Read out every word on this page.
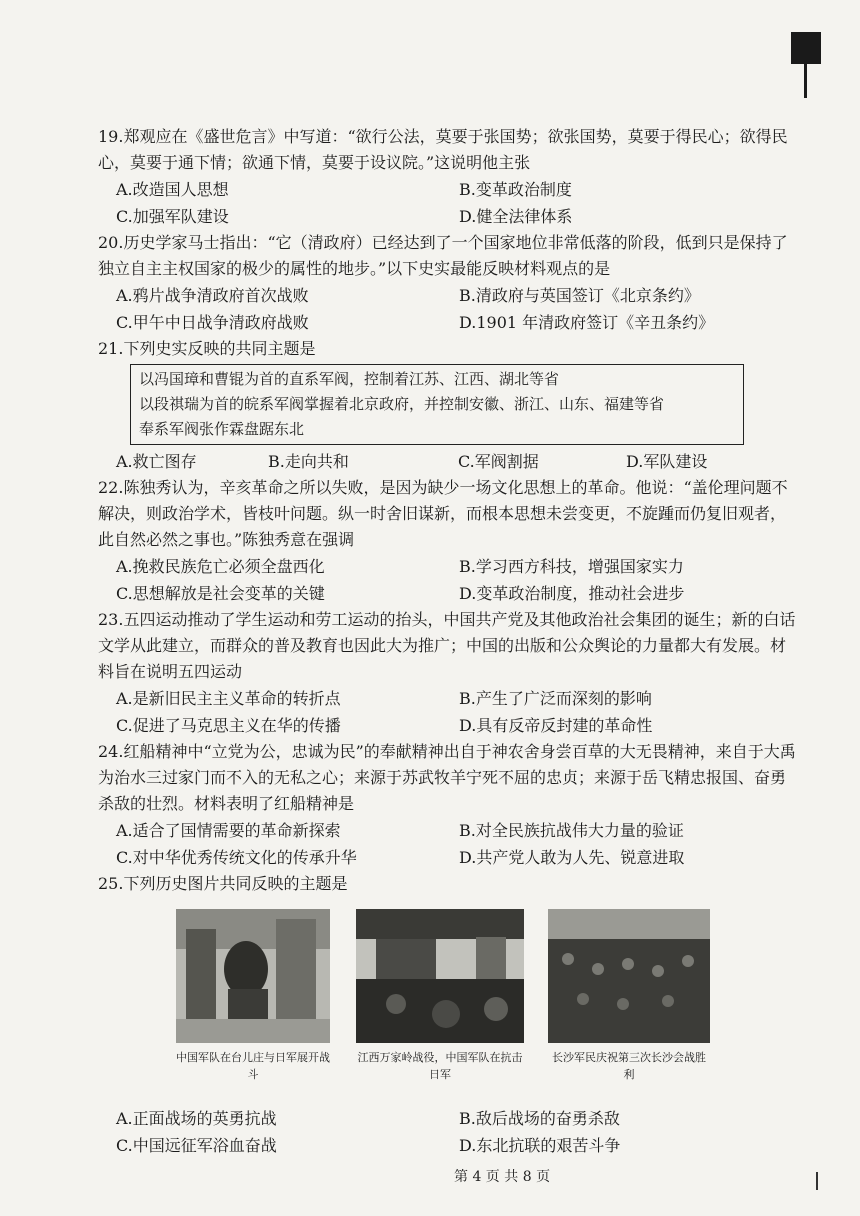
19.郑观应在《盛世危言》中写道：“欲行公法，莫要于张国势；欲张国势，莫要于得民心；欲得民心，莫要于通下情；欲通下情，莫要于设议院。”这说明他主张

A.改造国人思想	B.变革政治制度
C.加强军队建设	D.健全法律体系

20.历史学家马士指出：“它（清政府）已经达到了一个国家地位非常低落的阶段，低到只是保持了独立自主主权国家的极少的属性的地步。”以下史实最能反映材料观点的是

A.鸦片战争清政府首次战败	B.清政府与英国签订《北京条约》
C.甲午中日战争清政府战败	D.1901 年清政府签订《辛丑条约》

21.下列史实反映的共同主题是

以冯国璋和曹锟为首的直系军阀，控制着江苏、江西、湖北等省
以段祺瑞为首的皖系军阀掌握着北京政府，并控制安徽、浙江、山东、福建等省
奉系军阀张作霖盘踞东北
A.救亡图存	B.走向共和	C.军阀割据	D.军队建设

22.陈独秀认为，辛亥革命之所以失败，是因为缺少一场文化思想上的革命。他说：“盖伦理问题不解决，则政治学术，皆枝叶问题。纵一时舍旧谋新，而根本思想未尝变更，不旋踵而仍复旧观者，此自然必然之事也。”陈独秀意在强调

A.挽救民族危亡必须全盘西化	B.学习西方科技，增强国家实力
C.思想解放是社会变革的关键	D.变革政治制度，推动社会进步

23.五四运动推动了学生运动和劳工运动的抬头，中国共产党及其他政治社会集团的诞生；新的白话文学从此建立，而群众的普及教育也因此大为推广；中国的出版和公众舆论的力量都大有发展。材料旨在说明五四运动

A.是新旧民主主义革命的转折点	B.产生了广泛而深刻的影响
C.促进了马克思主义在华的传播	D.具有反帝反封建的革命性

24.红船精神中“立党为公，忠诚为民”的奉献精神出自于神农舍身尝百草的大无畏精神，来自于大禹为治水三过家门而不入的无私之心；来源于苏武牧羊宁死不屈的忠贞；来源于岳飞精忠报国、奋勇杀敌的壮烈。材料表明了红船精神是

A.适合了国情需要的革命新探索	B.对全民族抗战伟大力量的验证
C.对中华优秀传统文化的传承升华	D.共产党人敢为人先、锐意进取

25.下列历史图片共同反映的主题是

中国军队在台儿庄与日军展开战斗
江西万家岭战役，中国军队在抗击日军
长沙军民庆祝第三次长沙会战胜利
A.正面战场的英勇抗战	B.敌后战场的奋勇杀敌
C.中国远征军浴血奋战	D.东北抗联的艰苦斗争
第 4 页 共 8 页
